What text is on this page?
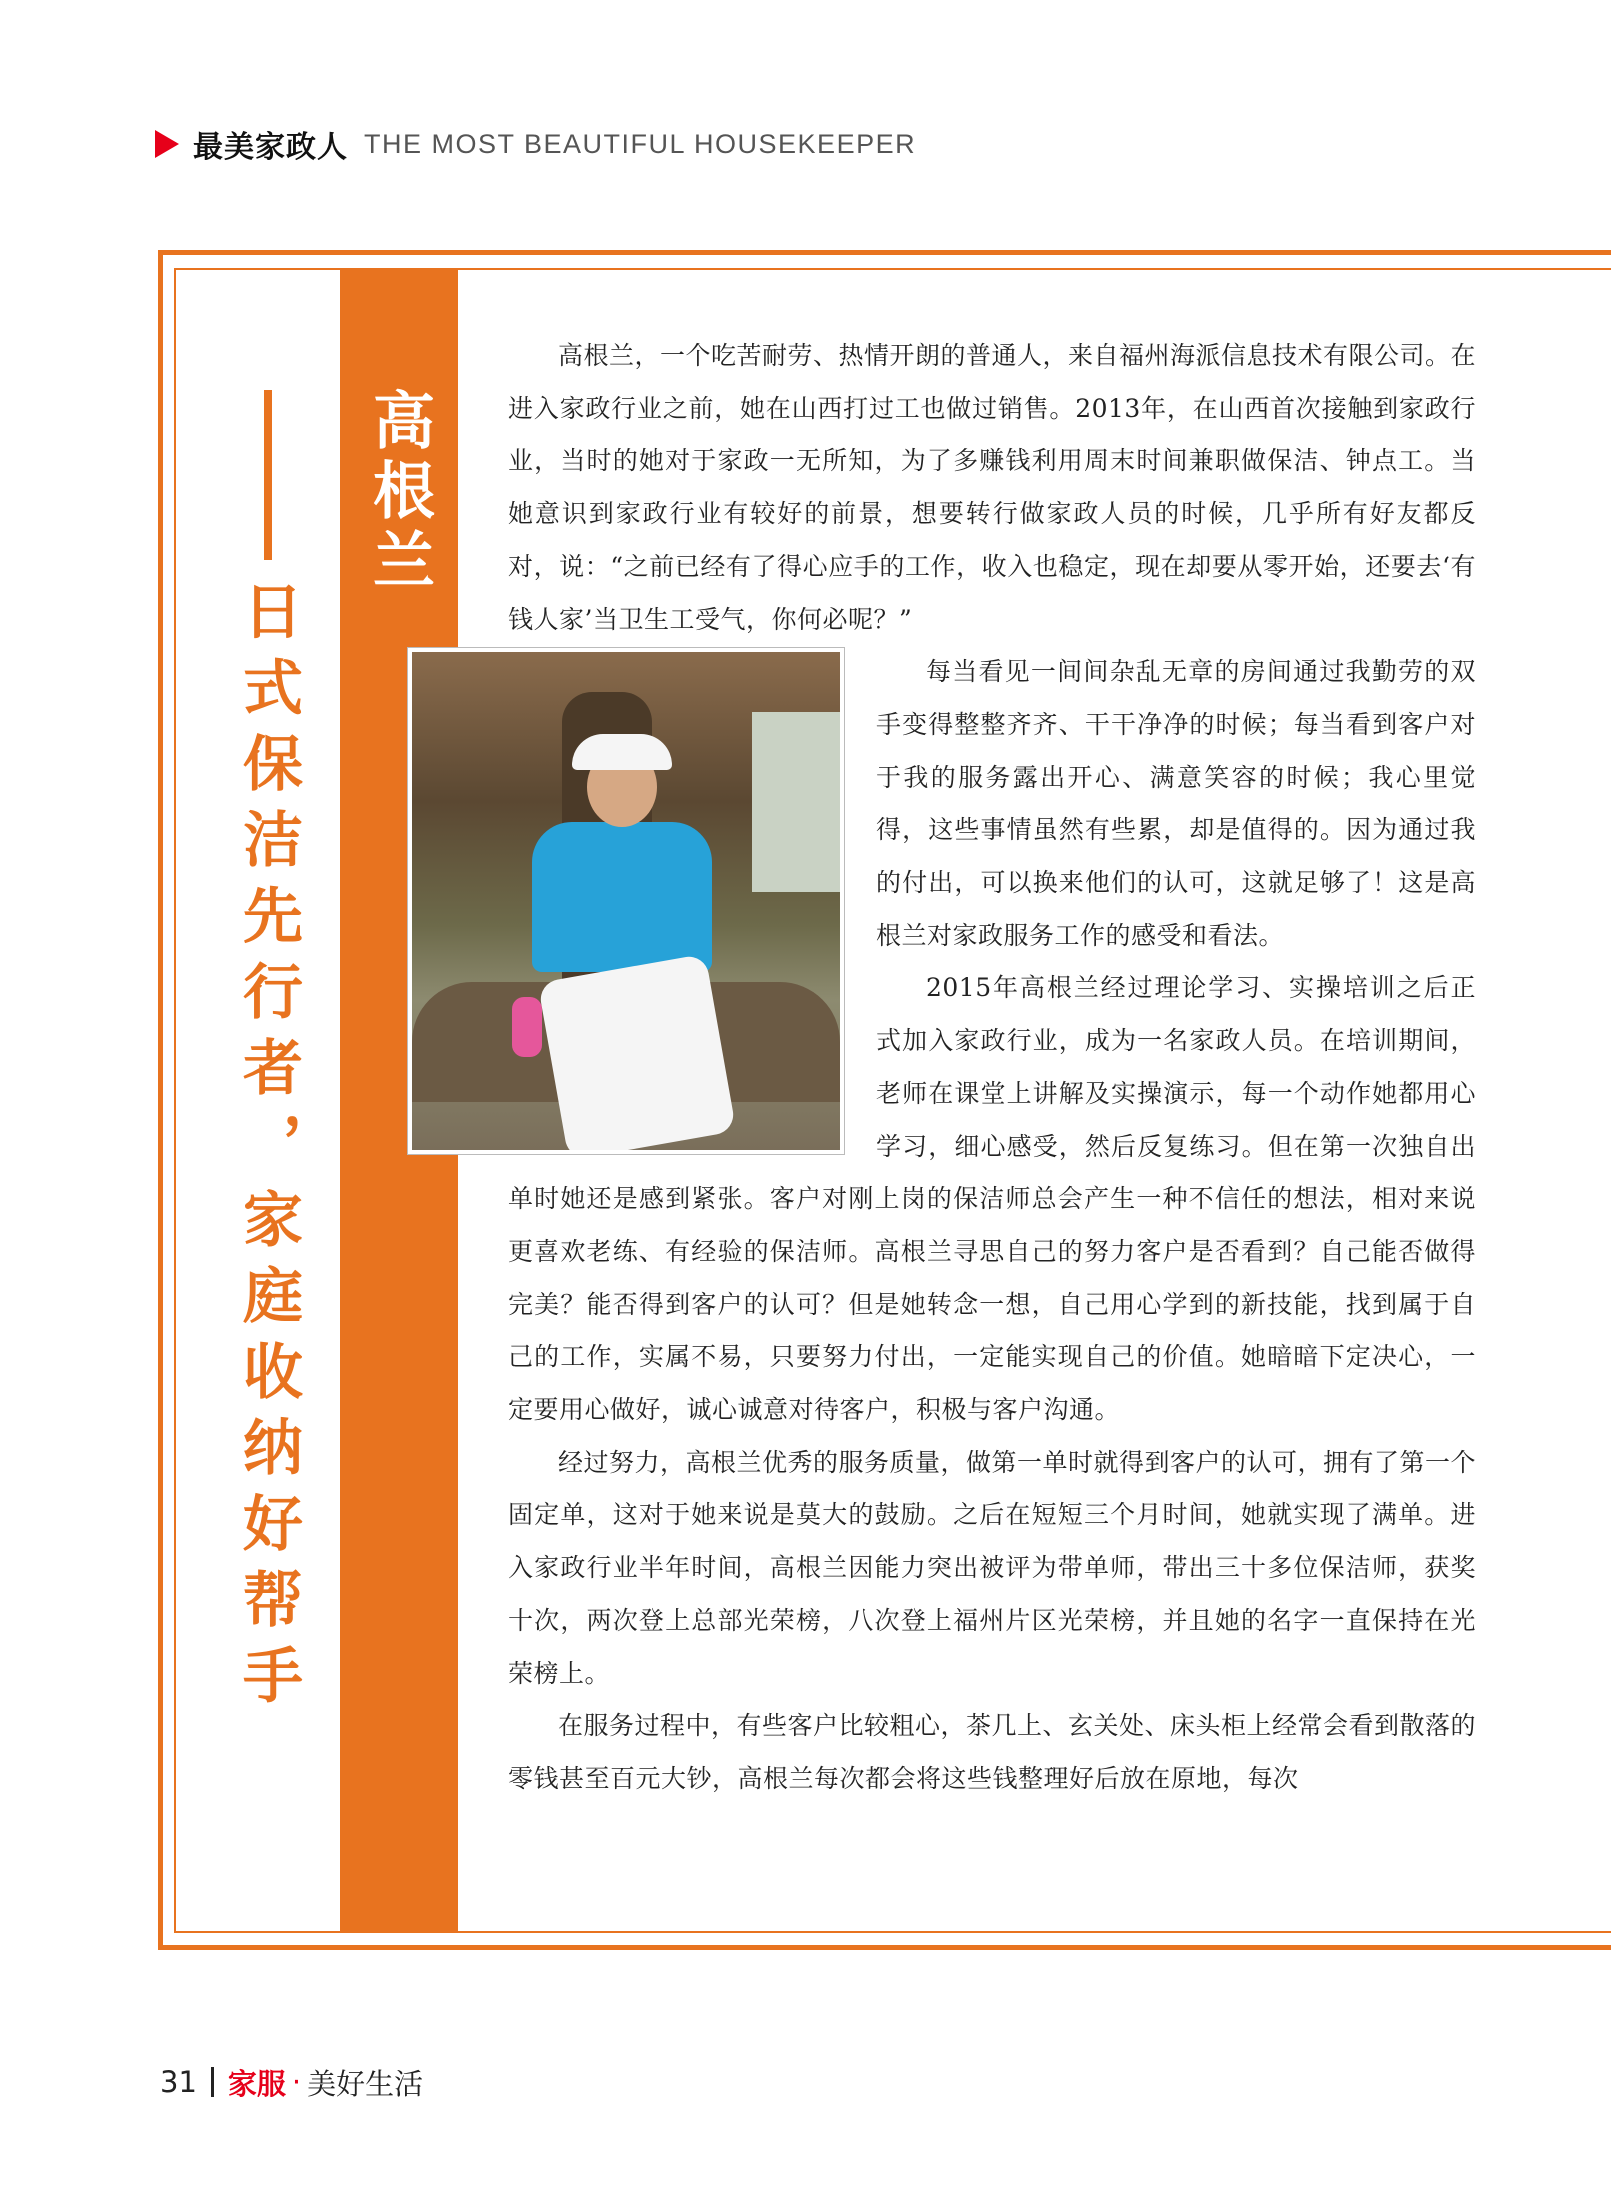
最美家政人 THE MOST BEAUTIFUL HOUSEKEEPER
高根兰
日式保洁先行者，家庭收纳好帮手

高根兰，一个吃苦耐劳、热情开朗的普通人，来自福州海派信息技术有限公司。在进入家政行业之前，她在山西打过工也做过销售。2013年，在山西首次接触到家政行业，当时的她对于家政一无所知，为了多赚钱利用周末时间兼职做保洁、钟点工。当她意识到家政行业有较好的前景，想要转行做家政人员的时候，几乎所有好友都反对，说：“之前已经有了得心应手的工作，收入也稳定，现在却要从零开始，还要去‘有钱人家’当卫生工受气，你何必呢？”

每当看见一间间杂乱无章的房间通过我勤劳的双手变得整整齐齐、干干净净的时候；每当看到客户对于我的服务露出开心、满意笑容的时候；我心里觉得，这些事情虽然有些累，却是值得的。因为通过我的付出，可以换来他们的认可，这就足够了！这是高根兰对家政服务工作的感受和看法。

2015年高根兰经过理论学习、实操培训之后正式加入家政行业，成为一名家政人员。在培训期间，老师在课堂上讲解及实操演示，每一个动作她都用心学习，细心感受，然后反复练习。但在第一次独自出单时她还是感到紧张。客户对刚上岗的保洁师总会产生一种不信任的想法，相对来说更喜欢老练、有经验的保洁师。高根兰寻思自己的努力客户是否看到？自己能否做得完美？能否得到客户的认可？但是她转念一想，自己用心学到的新技能，找到属于自己的工作，实属不易，只要努力付出，一定能实现自己的价值。她暗暗下定决心，一定要用心做好，诚心诚意对待客户，积极与客户沟通。

经过努力，高根兰优秀的服务质量，做第一单时就得到客户的认可，拥有了第一个固定单，这对于她来说是莫大的鼓励。之后在短短三个月时间，她就实现了满单。进入家政行业半年时间，高根兰因能力突出被评为带单师，带出三十多位保洁师，获奖十次，两次登上总部光荣榜，八次登上福州片区光荣榜，并且她的名字一直保持在光荣榜上。

在服务过程中，有些客户比较粗心，茶几上、玄关处、床头柜上经常会看到散落的零钱甚至百元大钞，高根兰每次都会将这些钱整理好后放在原地，每次

31 家服 · 美好生活
